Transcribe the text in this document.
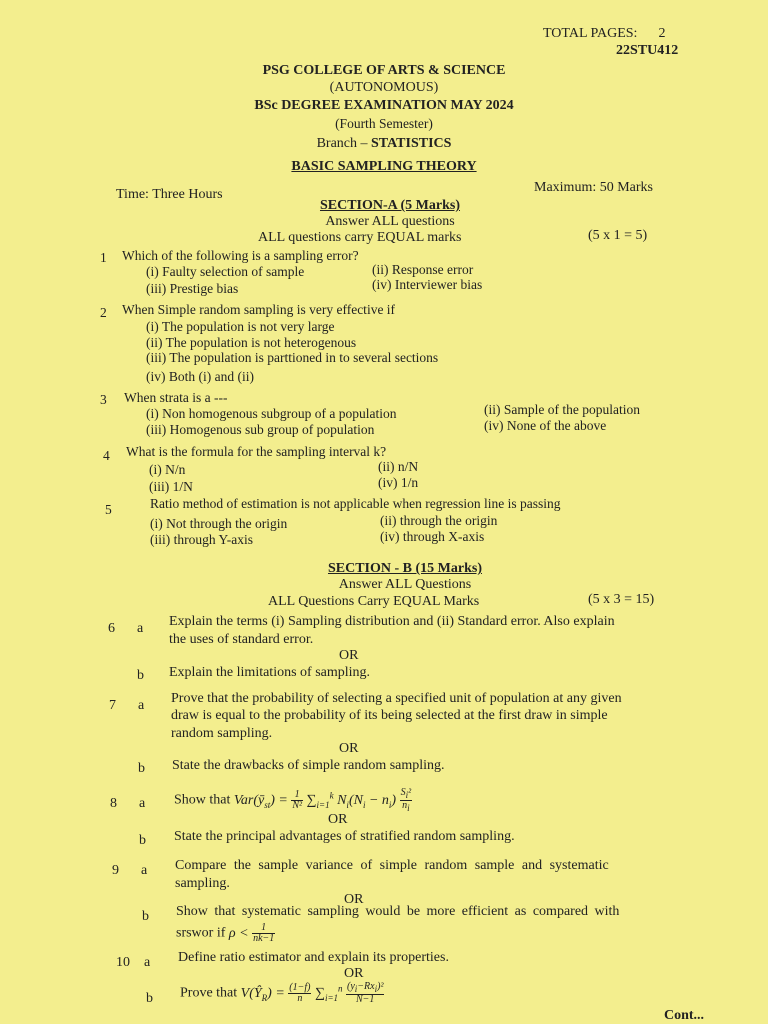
TOTAL PAGES: 2
22STU412
PSG COLLEGE OF ARTS & SCIENCE
(AUTONOMOUS)
BSc DEGREE EXAMINATION MAY 2024
(Fourth Semester)
Branch – STATISTICS
BASIC SAMPLING THEORY
Time: Three Hours	Maximum: 50 Marks
SECTION-A (5 Marks)
Answer ALL questions
ALL questions carry EQUAL marks	(5 x 1 = 5)
1 Which of the following is a sampling error?
(i) Faulty selection of sample	(ii) Response error
(iii) Prestige bias	(iv) Interviewer bias
2 When Simple random sampling is very effective if
(i) The population is not very large
(ii) The population is not heterogenous
(iii) The population is parttioned in to several sections
(iv) Both (i) and (ii)
3 When strata is a ---
(i) Non homogenous subgroup of a population	(ii) Sample of the population
(iii) Homogenous sub group of population	(iv) None of the above
4 What is the formula for the sampling interval k?
(i) N/n	(ii) n/N
(iii) 1/N	(iv) 1/n
5	Ratio method of estimation is not applicable when regression line is passing
(i) Not through the origin	(ii) through the origin
(iii) through Y-axis	(iv) through X-axis
SECTION - B (15 Marks)
Answer ALL Questions
ALL Questions Carry EQUAL Marks	(5 x 3 = 15)
6 a Explain the terms (i) Sampling distribution and (ii) Standard error. Also explain
the uses of standard error.
OR
b Explain the limitations of sampling.
7 a Prove that the probability of selecting a specified unit of population at any given
draw is equal to the probability of its being selected at the first draw in simple
random sampling.
OR
b State the drawbacks of simple random sampling.
8 a Show that $Var(ȳ_{st}) = \frac{1}{\text{N²}} \sum_{i=1}^k$ $N_i(N_i - n_i) \frac{S_i^2}{n_i}$
OR
b State the principal advantages of stratified random sampling.
9 a Compare the sample variance of simple random sample and systematic
sampling.
OR
b Show that systematic sampling would be more efficient as compared with
srswor if $\rho < \frac{1}{nk-1}$
10 a Define ratio estimator and explain its properties.
OR
b Prove that $V(Ŷ_R) = \frac{(1-f)}{n} \sum_{i=1}^n \frac{(y_i-Rx_i)^2}{N-1}$
Cont...
